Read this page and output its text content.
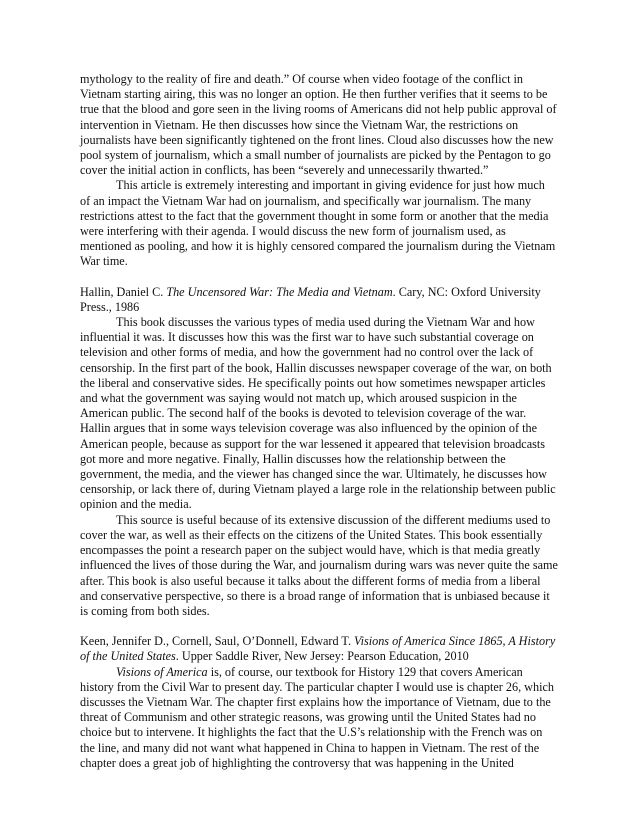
mythology to the reality of fire and death.” Of course when video footage of the conflict in Vietnam starting airing, this was no longer an option. He then further verifies that it seems to be true that the blood and gore seen in the living rooms of Americans did not help public approval of intervention in Vietnam. He then discusses how since the Vietnam War, the restrictions on journalists have been significantly tightened on the front lines. Cloud also discusses how the new pool system of journalism, which a small number of journalists are picked by the Pentagon to go cover the initial action in conflicts, has been “severely and unnecessarily thwarted.”

This article is extremely interesting and important in giving evidence for just how much of an impact the Vietnam War had on journalism, and specifically war journalism. The many restrictions attest to the fact that the government thought in some form or another that the media were interfering with their agenda. I would discuss the new form of journalism used, as mentioned as pooling, and how it is highly censored compared the journalism during the Vietnam War time.

Hallin, Daniel C. The Uncensored War: The Media and Vietnam. Cary, NC: Oxford University Press., 1986

This book discusses the various types of media used during the Vietnam War and how influential it was. It discusses how this was the first war to have such substantial coverage on television and other forms of media, and how the government had no control over the lack of censorship. In the first part of the book, Hallin discusses newspaper coverage of the war, on both the liberal and conservative sides. He specifically points out how sometimes newspaper articles and what the government was saying would not match up, which aroused suspicion in the American public. The second half of the books is devoted to television coverage of the war. Hallin argues that in some ways television coverage was also influenced by the opinion of the American people, because as support for the war lessened it appeared that television broadcasts got more and more negative. Finally, Hallin discusses how the relationship between the government, the media, and the viewer has changed since the war. Ultimately, he discusses how censorship, or lack there of, during Vietnam played a large role in the relationship between public opinion and the media.

This source is useful because of its extensive discussion of the different mediums used to cover the war, as well as their effects on the citizens of the United States. This book essentially encompasses the point a research paper on the subject would have, which is that media greatly influenced the lives of those during the War, and journalism during wars was never quite the same after. This book is also useful because it talks about the different forms of media from a liberal and conservative perspective, so there is a broad range of information that is unbiased because it is coming from both sides.

Keen, Jennifer D., Cornell, Saul, O’Donnell, Edward T. Visions of America Since 1865, A History of the United States. Upper Saddle River, New Jersey: Pearson Education, 2010

Visions of America is, of course, our textbook for History 129 that covers American history from the Civil War to present day. The particular chapter I would use is chapter 26, which discusses the Vietnam War. The chapter first explains how the importance of Vietnam, due to the threat of Communism and other strategic reasons, was growing until the United States had no choice but to intervene. It highlights the fact that the U.S’s relationship with the French was on the line, and many did not want what happened in China to happen in Vietnam. The rest of the chapter does a great job of highlighting the controversy that was happening in the United
